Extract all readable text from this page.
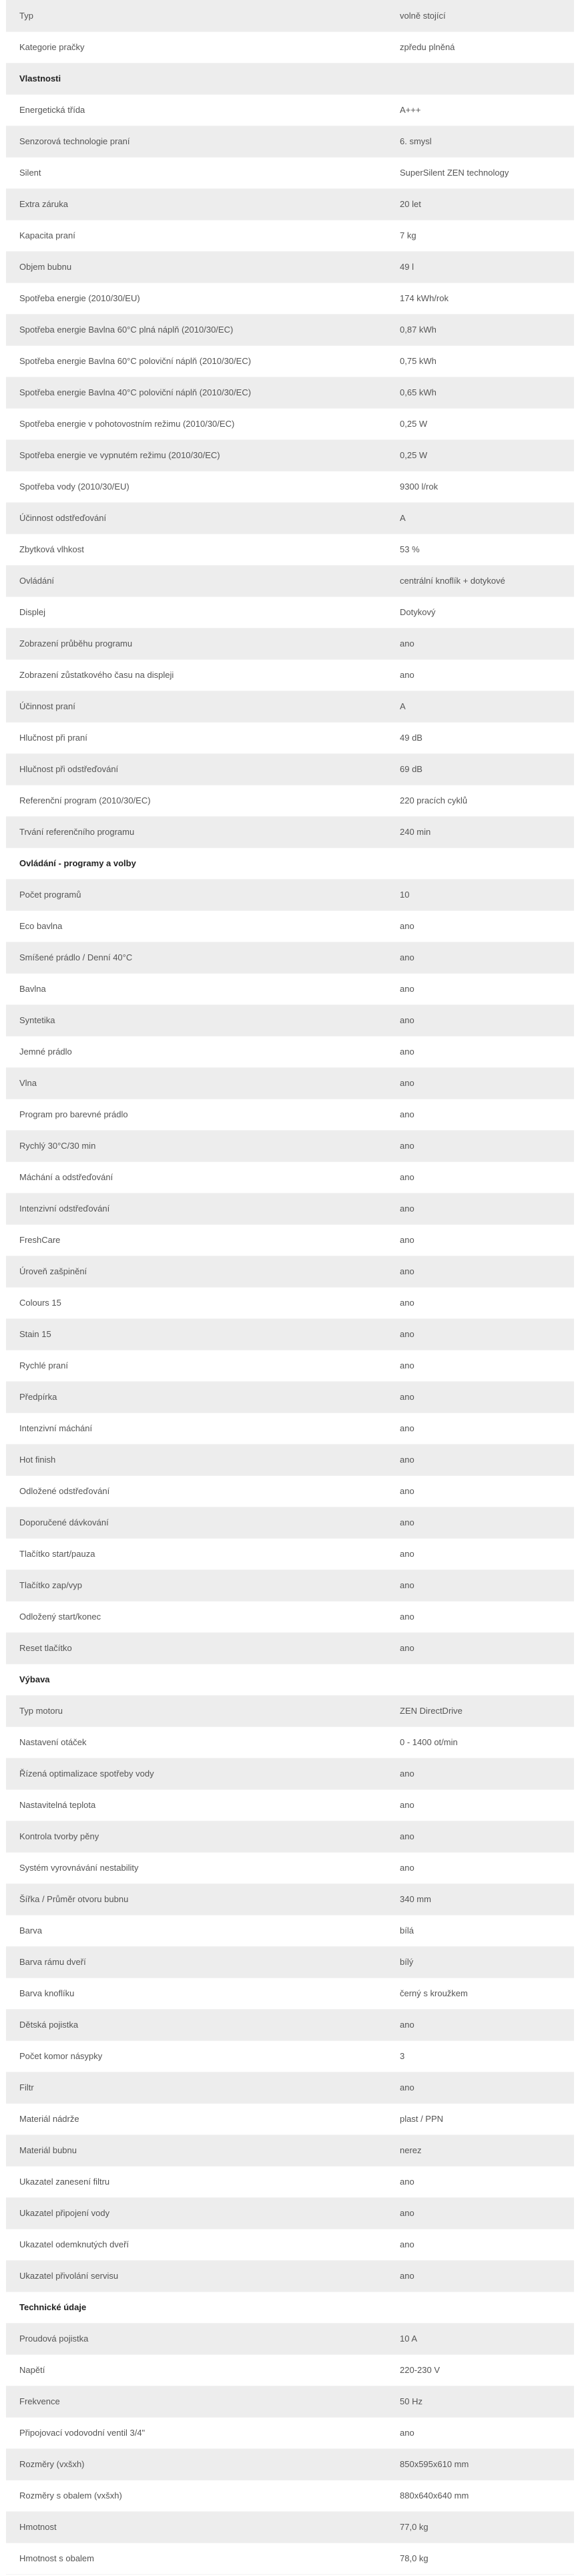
Typ	volně stojící
Kategorie pračky	zpředu plněná
Vlastnosti	
Energetická třída	A+++
Senzorová technologie praní	6. smysl
Silent	SuperSilent ZEN technology
Extra záruka	20 let
Kapacita praní	7 kg
Objem bubnu	49 l
Spotřeba energie (2010/30/EU)	174 kWh/rok
Spotřeba energie Bavlna 60°C plná náplň (2010/30/EC)	0,87 kWh
Spotřeba energie Bavlna 60°C poloviční náplň (2010/30/EC)	0,75 kWh
Spotřeba energie Bavlna 40°C poloviční náplň (2010/30/EC)	0,65 kWh
Spotřeba energie v pohotovostním režimu (2010/30/EC)	0,25 W
Spotřeba energie ve vypnutém režimu (2010/30/EC)	0,25 W
Spotřeba vody (2010/30/EU)	9300 l/rok
Účinnost odstřeďování	A
Zbytková vlhkost	53 %
Ovládání	centrální knoflík + dotykové
Displej	Dotykový
Zobrazení průběhu programu	ano
Zobrazení zůstatkového času na displeji	ano
Účinnost praní	A
Hlučnost při praní	49 dB
Hlučnost při odstřeďování	69 dB
Referenční program (2010/30/EC)	220 pracích cyklů
Trvání referenčního programu	240 min
Ovládání - programy a volby	
Počet programů	10
Eco bavlna	ano
Smíšené prádlo / Denní 40°C	ano
Bavlna	ano
Syntetika	ano
Jemné prádlo	ano
Vlna	ano
Program pro barevné prádlo	ano
Rychlý 30°C/30 min	ano
Máchání a odstřeďování	ano
Intenzivní odstřeďování	ano
FreshCare	ano
Úroveň zašpinění	ano
Colours 15	ano
Stain 15	ano
Rychlé praní	ano
Předpírka	ano
Intenzivní máchání	ano
Hot finish	ano
Odložené odstřeďování	ano
Doporučené dávkování	ano
Tlačítko start/pauza	ano
Tlačítko zap/vyp	ano
Odložený start/konec	ano
Reset tlačítko	ano
Výbava	
Typ motoru	ZEN DirectDrive
Nastavení otáček	0 - 1400 ot/min
Řízená optimalizace spotřeby vody	ano
Nastavitelná teplota	ano
Kontrola tvorby pěny	ano
Systém vyrovnávání nestability	ano
Šířka / Průměr otvoru bubnu	340 mm
Barva	bílá
Barva rámu dveří	bílý
Barva knoflíku	černý s kroužkem
Dětská pojistka	ano
Počet komor násypky	3
Filtr	ano
Materiál nádrže	plast / PPN
Materiál bubnu	nerez
Ukazatel zanesení filtru	ano
Ukazatel připojení vody	ano
Ukazatel odemknutých dveří	ano
Ukazatel přivolání servisu	ano
Technické údaje	
Proudová pojistka	10 A
Napětí	220-230 V
Frekvence	50 Hz
Připojovací vodovodní ventil 3/4"	ano
Rozměry (vxšxh)	850x595x610 mm
Rozměry s obalem (vxšxh)	880x640x640 mm
Hmotnost	77,0 kg
Hmotnost s obalem	78,0 kg
